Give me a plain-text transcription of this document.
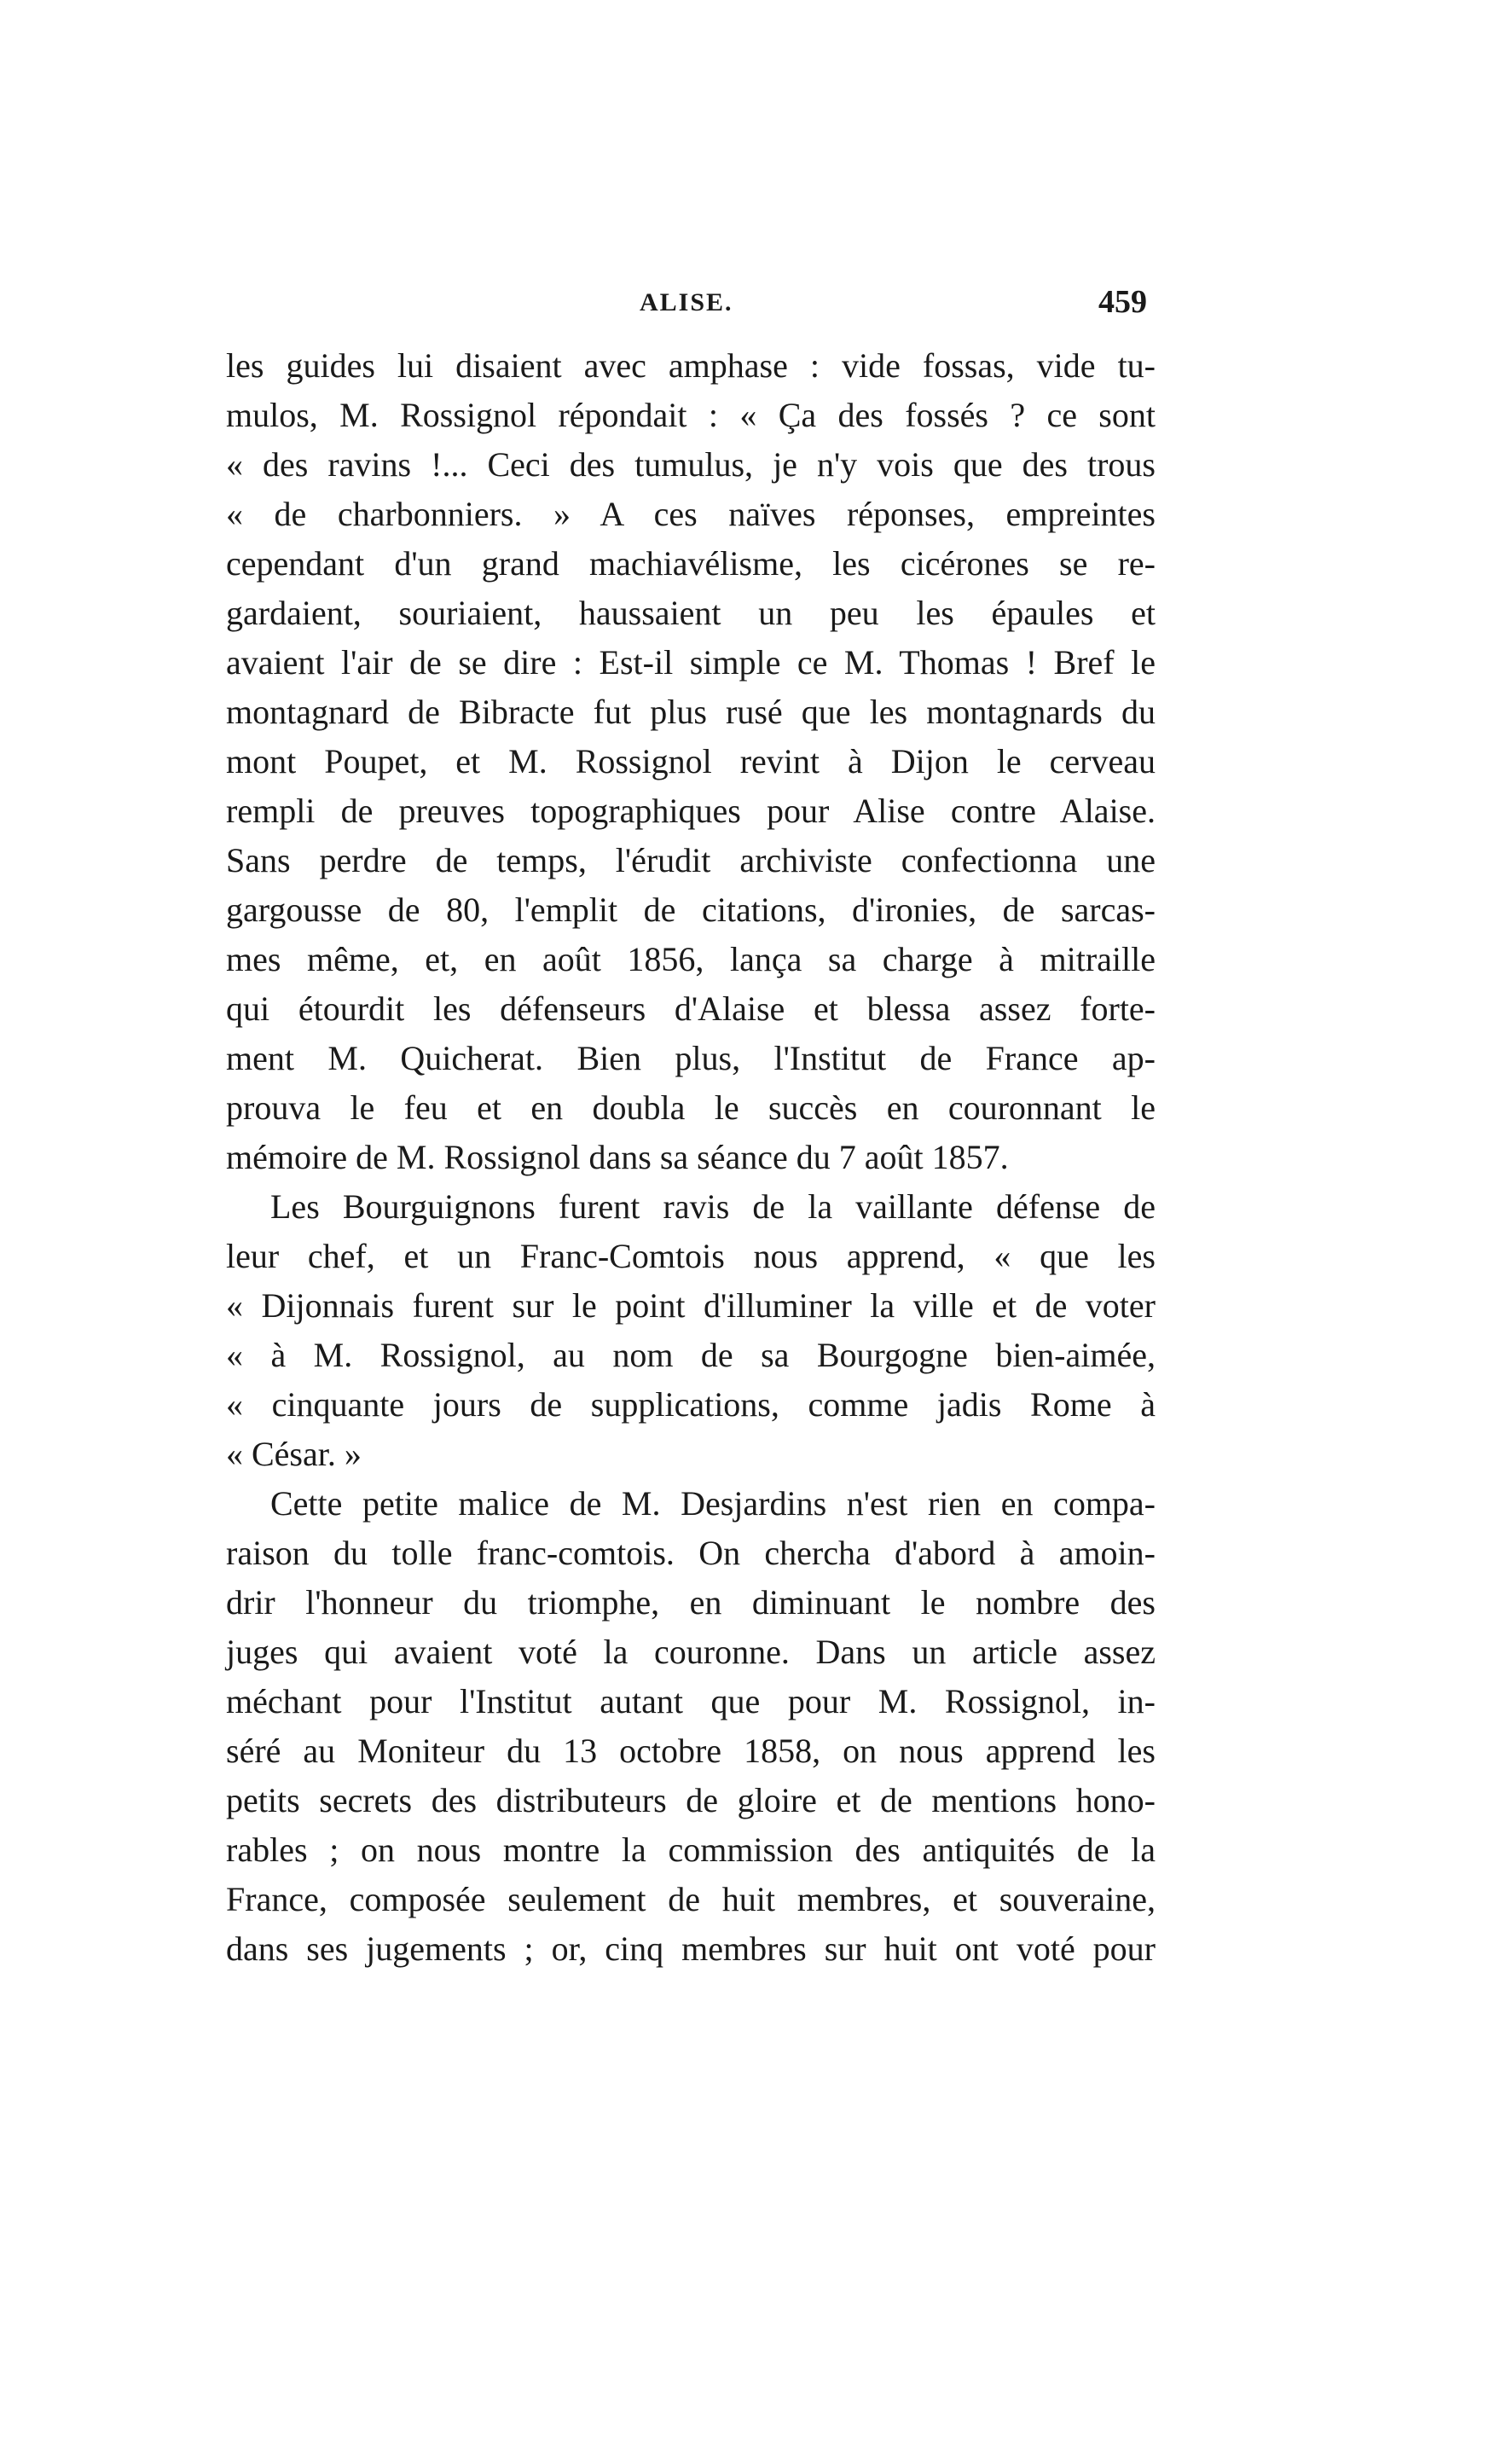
ALISE.	459
les guides lui disaient avec amphase : vide fossas, vide tu-
mulos, M. Rossignol répondait : « Ça des fossés ? ce sont
« des ravins !... Ceci des tumulus, je n'y vois que des trous
« de charbonniers. » A ces naïves réponses, empreintes
cependant d'un grand machiavélisme, les cicérones se re-
gardaient, souriaient, haussaient un peu les épaules et
avaient l'air de se dire : Est-il simple ce M. Thomas ! Bref le
montagnard de Bibracte fut plus rusé que les montagnards du
mont Poupet, et M. Rossignol revint à Dijon le cerveau
rempli de preuves topographiques pour Alise contre Alaise.
Sans perdre de temps, l'érudit archiviste confectionna une
gargousse de 80, l'emplit de citations, d'ironies, de sarcas-
mes même, et, en août 1856, lança sa charge à mitraille
qui étourdit les défenseurs d'Alaise et blessa assez forte-
ment M. Quicherat. Bien plus, l'Institut de France ap-
prouva le feu et en doubla le succès en couronnant le
mémoire de M. Rossignol dans sa séance du 7 août 1857.
Les Bourguignons furent ravis de la vaillante défense de
leur chef, et un Franc-Comtois nous apprend, « que les
« Dijonnais furent sur le point d'illuminer la ville et de voter
« à M. Rossignol, au nom de sa Bourgogne bien-aimée,
« cinquante jours de supplications, comme jadis Rome à
« César. »
Cette petite malice de M. Desjardins n'est rien en compa-
raison du tolle franc-comtois. On chercha d'abord à amoin-
drir l'honneur du triomphe, en diminuant le nombre des
juges qui avaient voté la couronne. Dans un article assez
méchant pour l'Institut autant que pour M. Rossignol, in-
séré au Moniteur du 13 octobre 1858, on nous apprend les
petits secrets des distributeurs de gloire et de mentions hono-
rables ; on nous montre la commission des antiquités de la
France, composée seulement de huit membres, et souveraine,
dans ses jugements ; or, cinq membres sur huit ont voté pour
